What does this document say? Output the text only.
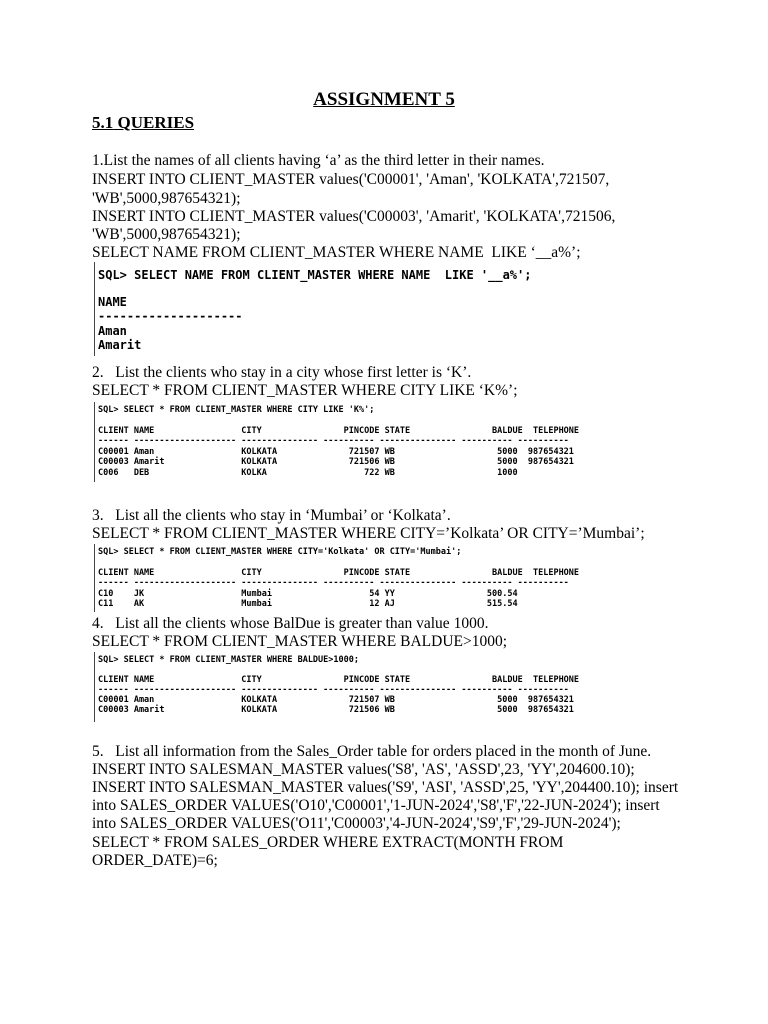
ASSIGNMENT 5
5.1 QUERIES
1.List the names of all clients having ‘a’ as the third letter in their names.
INSERT INTO CLIENT_MASTER values('C00001', 'Aman', 'KOLKATA',721507,
'WB',5000,987654321);
INSERT INTO CLIENT_MASTER values('C00003', 'Amarit', 'KOLKATA',721506,
'WB',5000,987654321);
SELECT NAME FROM CLIENT_MASTER WHERE NAME  LIKE ‘__a%’;
SQL> SELECT NAME FROM CLIENT_MASTER WHERE NAME  LIKE '__a%';
NAME
--------------------
Aman
Amarit
2.   List the clients who stay in a city whose first letter is ‘K’.
SELECT * FROM CLIENT_MASTER WHERE CITY LIKE ‘K%’;
SQL> SELECT * FROM CLIENT_MASTER WHERE CITY LIKE 'K%';
CLIENT NAME                 CITY                PINCODE STATE                BALDUE  TELEPHONE
------ -------------------- --------------- ---------- --------------- ---------- ----------
C00001 Aman                 KOLKATA              721507 WB                    5000  987654321
C00003 Amarit               KOLKATA              721506 WB                    5000  987654321
C006   DEB                  KOLKA                   722 WB                    1000
3.   List all the clients who stay in ‘Mumbai’ or ‘Kolkata’.
SELECT * FROM CLIENT_MASTER WHERE CITY=’Kolkata’ OR CITY=’Mumbai’;
SQL> SELECT * FROM CLIENT_MASTER WHERE CITY='Kolkata' OR CITY='Mumbai';
CLIENT NAME                 CITY                PINCODE STATE                BALDUE  TELEPHONE
------ -------------------- --------------- ---------- --------------- ---------- ----------
C10    JK                   Mumbai                   54 YY                  500.54
C11    AK                   Mumbai                   12 AJ                  515.54
4.   List all the clients whose BalDue is greater than value 1000.
SELECT * FROM CLIENT_MASTER WHERE BALDUE>1000;
SQL> SELECT * FROM CLIENT_MASTER WHERE BALDUE>1000;
CLIENT NAME                 CITY                PINCODE STATE                BALDUE  TELEPHONE
------ -------------------- --------------- ---------- --------------- ---------- ----------
C00001 Aman                 KOLKATA              721507 WB                    5000  987654321
C00003 Amarit               KOLKATA              721506 WB                    5000  987654321
5.   List all information from the Sales_Order table for orders placed in the month of June.
INSERT INTO SALESMAN_MASTER values('S8', 'AS', 'ASSD',23, 'YY',204600.10);
INSERT INTO SALESMAN_MASTER values('S9', 'ASI', 'ASSD',25, 'YY',204400.10); insert
into SALES_ORDER VALUES('O10','C00001','1-JUN-2024','S8','F','22-JUN-2024'); insert
into SALES_ORDER VALUES('O11','C00003','4-JUN-2024','S9','F','29-JUN-2024');
SELECT * FROM SALES_ORDER WHERE EXTRACT(MONTH FROM
ORDER_DATE)=6;
